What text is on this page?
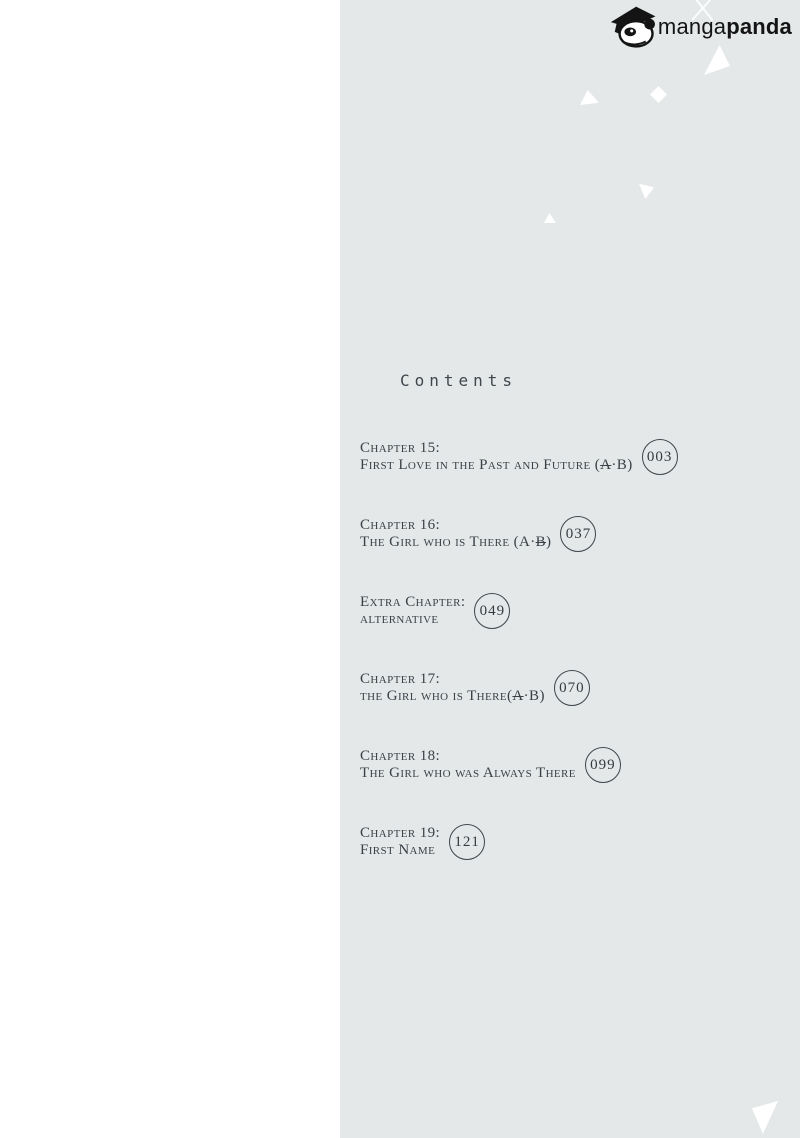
mangapanda
Contents
Chapter 15:
First Love in the Past and Future (A·B)
003
Chapter 16:
The Girl who is There (A·B)
037
Extra Chapter:
alternative
049
Chapter 17:
the Girl who is There(A·B)
070
Chapter 18:
The Girl who was Always There
099
Chapter 19:
First Name
121
